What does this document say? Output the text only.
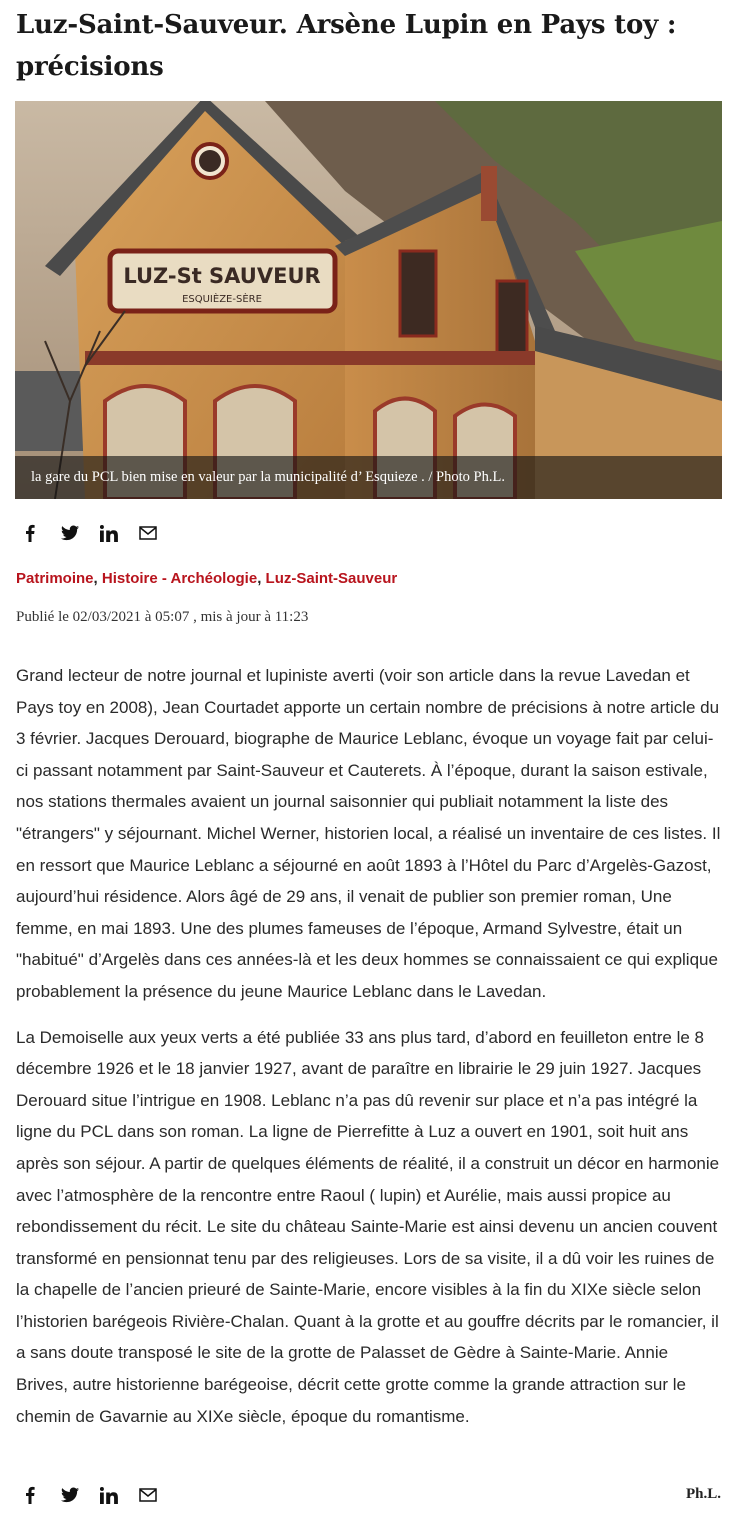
Luz-Saint-Sauveur. Arsène Lupin en Pays toy : précisions
LUZ-St SAUVEUR
ESQUIÈZE-SÈRE
la gare du PCL bien mise en valeur par la municipalité d’ Esquieze . / Photo Ph.L.
Patrimoine, Histoire - Archéologie, Luz-Saint-Sauveur
Publié le 02/03/2021 à 05:07 , mis à jour à 11:23

Grand lecteur de notre journal et lupiniste averti (voir son article dans la revue Lavedan et Pays toy en 2008), Jean Courtadet apporte un certain nombre de précisions à notre article du 3 février. Jacques Derouard, biographe de Maurice Leblanc, évoque un voyage fait par celui-ci passant notamment par Saint-Sauveur et Cauterets. À l’époque, durant la saison estivale, nos stations thermales avaient un journal saisonnier qui publiait notamment la liste des "étrangers" y séjournant. Michel Werner, historien local, a réalisé un inventaire de ces listes. Il en ressort que Maurice Leblanc a séjourné en août 1893 à l’Hôtel du Parc d’Argelès-Gazost, aujourd’hui résidence. Alors âgé de 29 ans, il venait de publier son premier roman, Une femme, en mai 1893. Une des plumes fameuses de l’époque, Armand Sylvestre, était un "habitué" d’Argelès dans ces années-là et les deux hommes se connaissaient ce qui explique probablement la présence du jeune Maurice Leblanc dans le Lavedan.

La Demoiselle aux yeux verts a été publiée 33 ans plus tard, d’abord en feuilleton entre le 8 décembre 1926 et le 18 janvier 1927, avant de paraître en librairie le 29 juin 1927. Jacques Derouard situe l’intrigue en 1908. Leblanc n’a pas dû revenir sur place et n’a pas intégré la ligne du PCL dans son roman. La ligne de Pierrefitte à Luz a ouvert en 1901, soit huit ans après son séjour. A partir de quelques éléments de réalité, il a construit un décor en harmonie avec l’atmosphère de la rencontre entre Raoul ( lupin) et Aurélie, mais aussi propice au rebondissement du récit. Le site du château Sainte-Marie est ainsi devenu un ancien couvent transformé en pensionnat tenu par des religieuses. Lors de sa visite, il a dû voir les ruines de la chapelle de l’ancien prieuré de Sainte-Marie, encore visibles à la fin du XIXe siècle selon l’historien barégeois Rivière-Chalan. Quant à la grotte et au gouffre décrits par le romancier, il a sans doute transposé le site de la grotte de Palasset de Gèdre à Sainte-Marie. Annie Brives, autre historienne barégeoise, décrit cette grotte comme la grande attraction sur le chemin de Gavarnie au XIXe siècle, époque du romantisme.

Ph.L.
